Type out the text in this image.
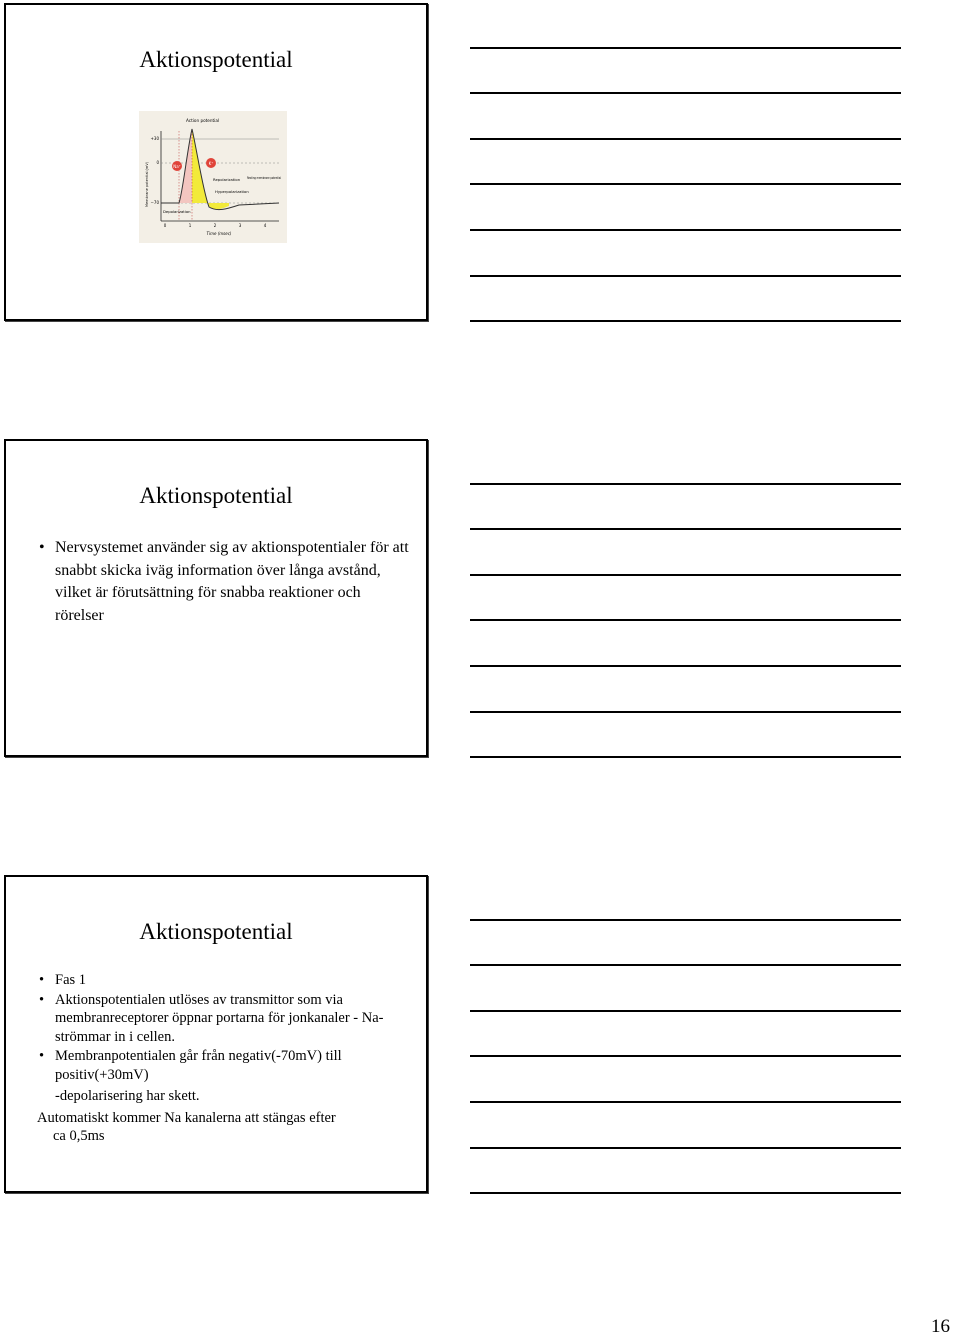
Aktionspotential
Na⁺
K⁺
Action potential
Repolarization
Hyperpolarization
Resting membrane potential
Depolarization
+30
0
−70
0	1	2	3	4
Time (msec)
Membrane potential (mV)
Aktionspotential
• Nervsystemet använder sig av aktionspotentialer för att snabbt skicka iväg information över långa avstånd, vilket är förutsättning för snabba reaktioner och rörelser
Aktionspotential
• Fas 1
• Aktionspotentialen utlöses av transmittor som via membranreceptorer öppnar portarna för jonkanaler - Na-strömmar in i cellen.
• Membranpotentialen går från negativ(-70mV) till positiv(+30mV)
-depolarisering har skett.
Automatiskt kommer Na kanalerna att stängas efter
ca 0,5ms
16
